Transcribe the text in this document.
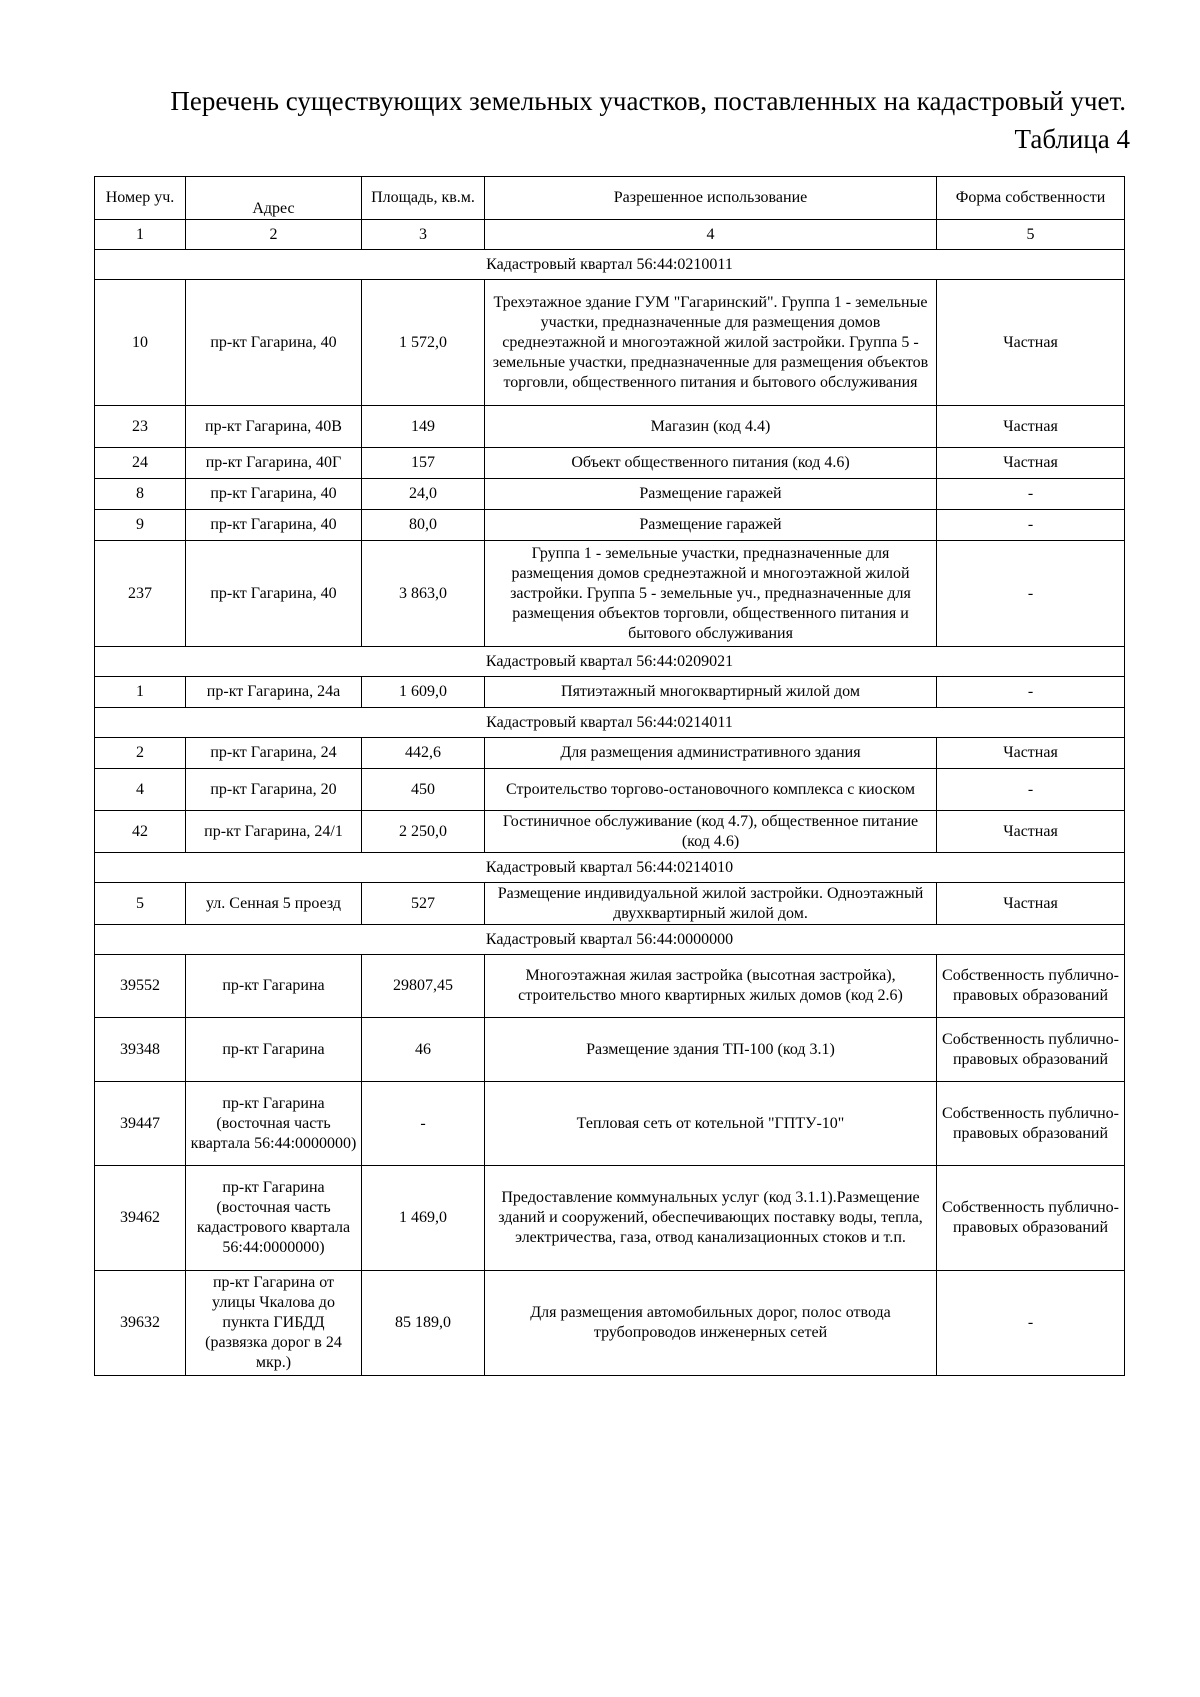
Перечень существующих земельных участков, поставленных на кадастровый учет.
Таблица 4
Номер уч.	Адрес	Площадь, кв.м.	Разрешенное использование	Форма собственности
1	2	3	4	5
Кадастровый квартал 56:44:0210011				
10	пр-кт Гагарина, 40	1 572,0	Трехэтажное здание ГУМ "Гагаринский". Группа 1 - земельные участки, предназначенные для размещения домов среднеэтажной и многоэтажной жилой застройки. Группа 5 - земельные участки, предназначенные для размещения объектов торговли, общественного питания и бытового обслуживания	Частная
23	пр-кт Гагарина, 40В	149	Магазин (код 4.4)	Частная
24	пр-кт Гагарина, 40Г	157	Объект общественного питания (код 4.6)	Частная
8	пр-кт Гагарина, 40	24,0	Размещение гаражей	-
9	пр-кт Гагарина, 40	80,0	Размещение гаражей	-
237	пр-кт Гагарина, 40	3 863,0	Группа 1 - земельные участки, предназначенные для размещения домов среднеэтажной и многоэтажной жилой застройки. Группа 5 - земельные уч., предназначенные для размещения объектов торговли, общественного питания и бытового обслуживания	-
Кадастровый квартал 56:44:0209021				
1	пр-кт Гагарина, 24а	1 609,0	Пятиэтажный многоквартирный жилой дом	-
Кадастровый квартал 56:44:0214011				
2	пр-кт Гагарина, 24	442,6	Для размещения административного здания	Частная
4	пр-кт Гагарина, 20	450	Строительство торгово-остановочного комплекса с киоском	-
42	пр-кт Гагарина, 24/1	2 250,0	Гостиничное обслуживание (код 4.7), общественное питание (код 4.6)	Частная
Кадастровый квартал 56:44:0214010				
5	ул. Сенная 5 проезд	527	Размещение индивидуальной жилой застройки. Одноэтажный двухквартирный жилой дом.	Частная
Кадастровый квартал 56:44:0000000				
39552	пр-кт Гагарина	29807,45	Многоэтажная жилая застройка (высотная застройка), строительство много квартирных жилых домов (код 2.6)	Собственность публично-правовых образований
39348	пр-кт Гагарина	46	Размещение здания ТП-100 (код 3.1)	Собственность публично-правовых образований
39447	пр-кт Гагарина (восточная часть квартала 56:44:0000000)	-	Тепловая сеть от котельной "ГПТУ-10"	Собственность публично-правовых образований
39462	пр-кт Гагарина (восточная часть кадастрового квартала 56:44:0000000)	1 469,0	Предоставление коммунальных услуг (код 3.1.1).Размещение зданий и сооружений, обеспечивающих поставку воды, тепла, электричества, газа, отвод канализационных стоков и т.п.	Собственность публично-правовых образований
39632	пр-кт Гагарина от улицы Чкалова до пункта ГИБДД (развязка дорог в 24 мкр.)	85 189,0	Для размещения автомобильных дорог, полос отвода трубопроводов инженерных сетей	-
